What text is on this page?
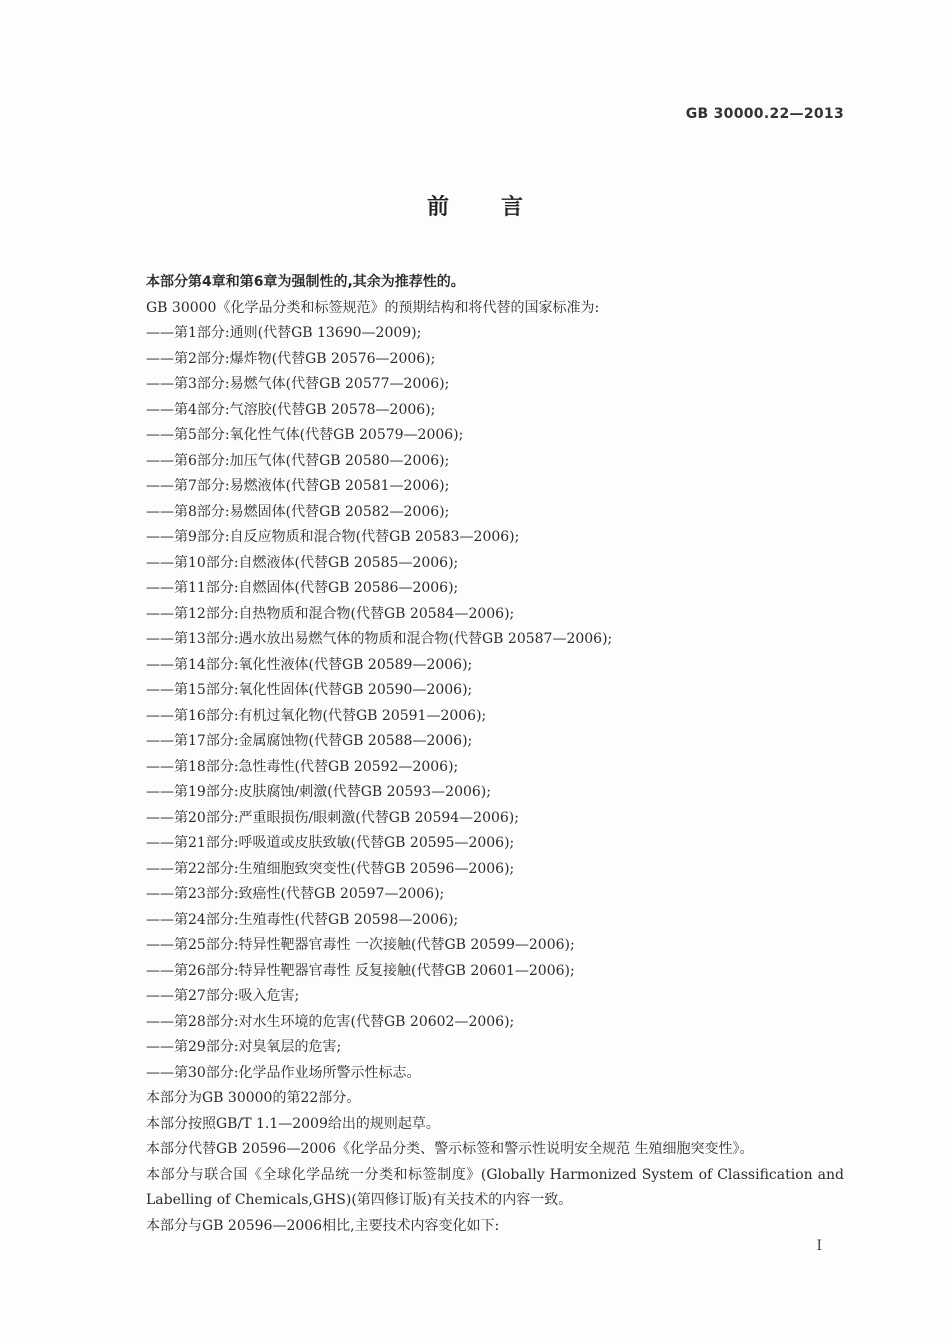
GB 30000.22—2013
前言
本部分第4章和第6章为强制性的,其余为推荐性的。
GB 30000《化学品分类和标签规范》的预期结构和将代替的国家标准为:
——第1部分:通则(代替GB 13690—2009);
——第2部分:爆炸物(代替GB 20576—2006);
——第3部分:易燃气体(代替GB 20577—2006);
——第4部分:气溶胶(代替GB 20578—2006);
——第5部分:氧化性气体(代替GB 20579—2006);
——第6部分:加压气体(代替GB 20580—2006);
——第7部分:易燃液体(代替GB 20581—2006);
——第8部分:易燃固体(代替GB 20582—2006);
——第9部分:自反应物质和混合物(代替GB 20583—2006);
——第10部分:自燃液体(代替GB 20585—2006);
——第11部分:自燃固体(代替GB 20586—2006);
——第12部分:自热物质和混合物(代替GB 20584—2006);
——第13部分:遇水放出易燃气体的物质和混合物(代替GB 20587—2006);
——第14部分:氧化性液体(代替GB 20589—2006);
——第15部分:氧化性固体(代替GB 20590—2006);
——第16部分:有机过氧化物(代替GB 20591—2006);
——第17部分:金属腐蚀物(代替GB 20588—2006);
——第18部分:急性毒性(代替GB 20592—2006);
——第19部分:皮肤腐蚀/刺激(代替GB 20593—2006);
——第20部分:严重眼损伤/眼刺激(代替GB 20594—2006);
——第21部分:呼吸道或皮肤致敏(代替GB 20595—2006);
——第22部分:生殖细胞致突变性(代替GB 20596—2006);
——第23部分:致癌性(代替GB 20597—2006);
——第24部分:生殖毒性(代替GB 20598—2006);
——第25部分:特异性靶器官毒性 一次接触(代替GB 20599—2006);
——第26部分:特异性靶器官毒性 反复接触(代替GB 20601—2006);
——第27部分:吸入危害;
——第28部分:对水生环境的危害(代替GB 20602—2006);
——第29部分:对臭氧层的危害;
——第30部分:化学品作业场所警示性标志。
本部分为GB 30000的第22部分。
本部分按照GB/T 1.1—2009给出的规则起草。
本部分代替GB 20596—2006《化学品分类、警示标签和警示性说明安全规范 生殖细胞突变性》。
本部分与联合国《全球化学品统一分类和标签制度》(Globally Harmonized System of Classification and Labelling of Chemicals,GHS)(第四修订版)有关技术的内容一致。
本部分与GB 20596—2006相比,主要技术内容变化如下:
I
